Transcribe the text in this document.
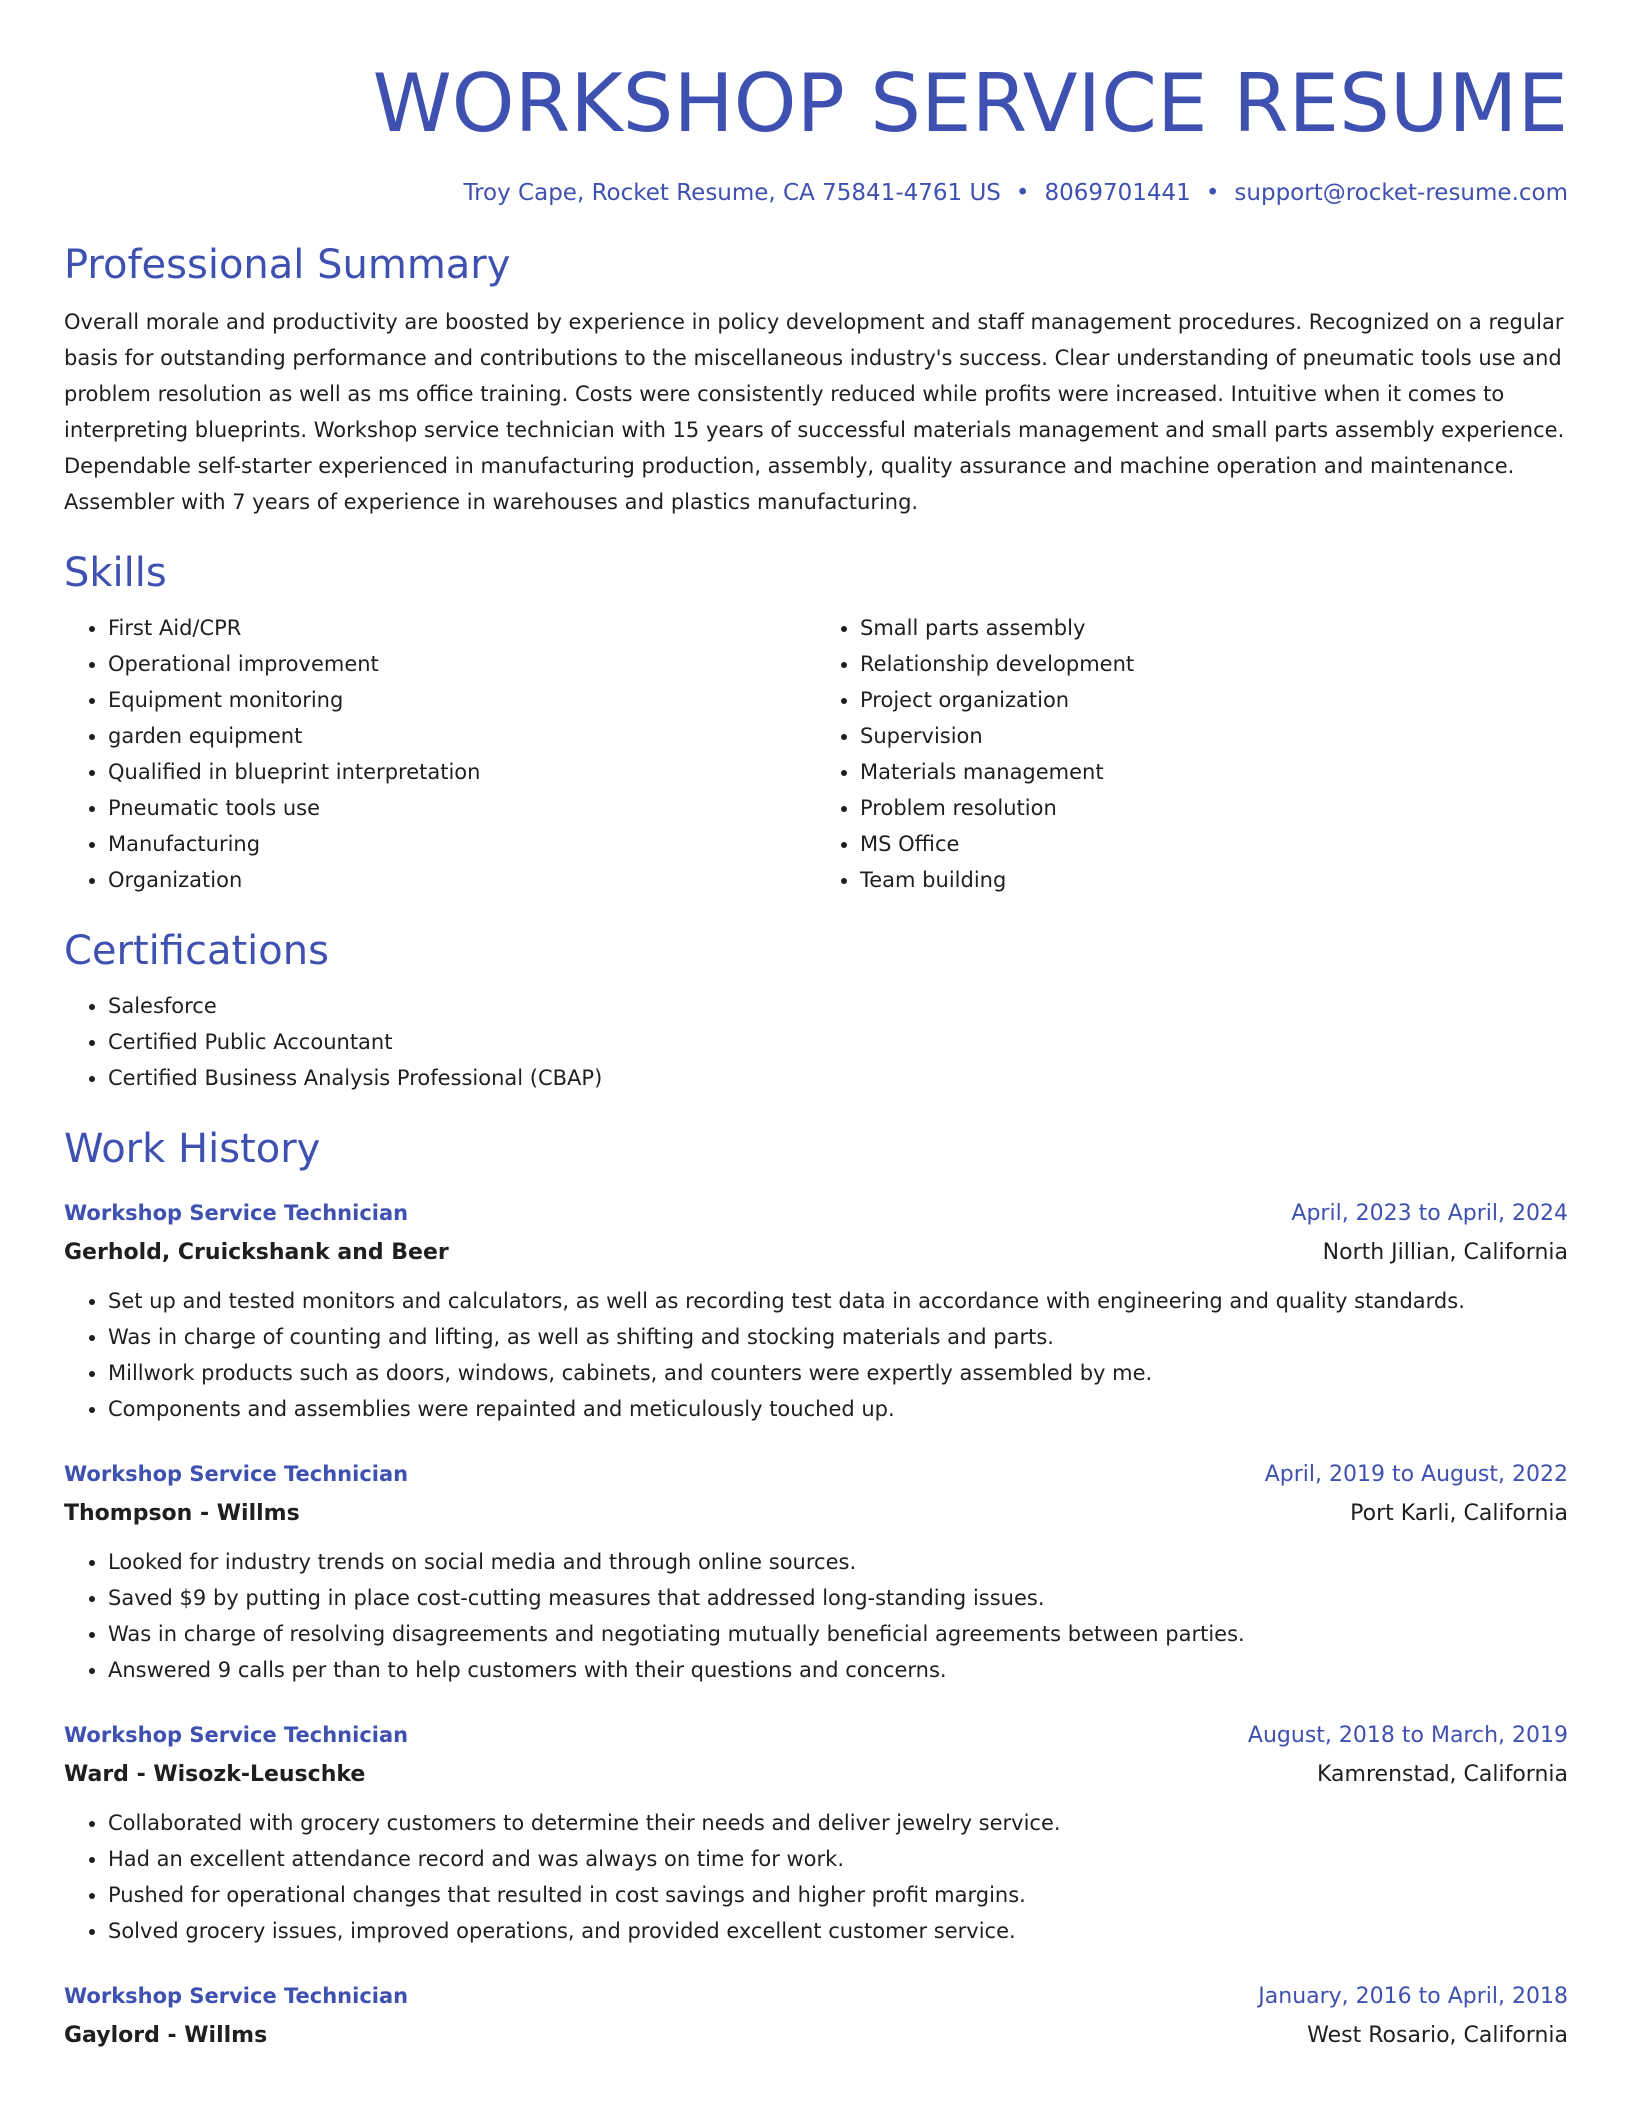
WORKSHOP SERVICE RESUME
Troy Cape, Rocket Resume, CA 75841-4761 US • 8069701441 • support@rocket-resume.com
Professional Summary

Overall morale and productivity are boosted by experience in policy development and staff management procedures. Recognized on a regular basis for outstanding performance and contributions to the miscellaneous industry's success. Clear understanding of pneumatic tools use and problem resolution as well as ms office training. Costs were consistently reduced while profits were increased. Intuitive when it comes to interpreting blueprints. Workshop service technician with 15 years of successful materials management and small parts assembly experience. Dependable self-starter experienced in manufacturing production, assembly, quality assurance and machine operation and maintenance. Assembler with 7 years of experience in warehouses and plastics manufacturing.

Skills
• First Aid/CPR
• Operational improvement
• Equipment monitoring
• garden equipment
• Qualified in blueprint interpretation
• Pneumatic tools use
• Manufacturing
• Organization
• Small parts assembly
• Relationship development
• Project organization
• Supervision
• Materials management
• Problem resolution
• MS Office
• Team building
Certifications
• Salesforce
• Certified Public Accountant
• Certified Business Analysis Professional (CBAP)
Work History
Workshop Service Technician	April, 2023 to April, 2024
Gerhold, Cruickshank and Beer	North Jillian, California
• Set up and tested monitors and calculators, as well as recording test data in accordance with engineering and quality standards.
• Was in charge of counting and lifting, as well as shifting and stocking materials and parts.
• Millwork products such as doors, windows, cabinets, and counters were expertly assembled by me.
• Components and assemblies were repainted and meticulously touched up.
Workshop Service Technician	April, 2019 to August, 2022
Thompson - Willms	Port Karli, California
• Looked for industry trends on social media and through online sources.
• Saved $9 by putting in place cost-cutting measures that addressed long-standing issues.
• Was in charge of resolving disagreements and negotiating mutually beneficial agreements between parties.
• Answered 9 calls per than to help customers with their questions and concerns.
Workshop Service Technician	August, 2018 to March, 2019
Ward - Wisozk-Leuschke	Kamrenstad, California
• Collaborated with grocery customers to determine their needs and deliver jewelry service.
• Had an excellent attendance record and was always on time for work.
• Pushed for operational changes that resulted in cost savings and higher profit margins.
• Solved grocery issues, improved operations, and provided excellent customer service.
Workshop Service Technician	January, 2016 to April, 2018
Gaylord - Willms	West Rosario, California
